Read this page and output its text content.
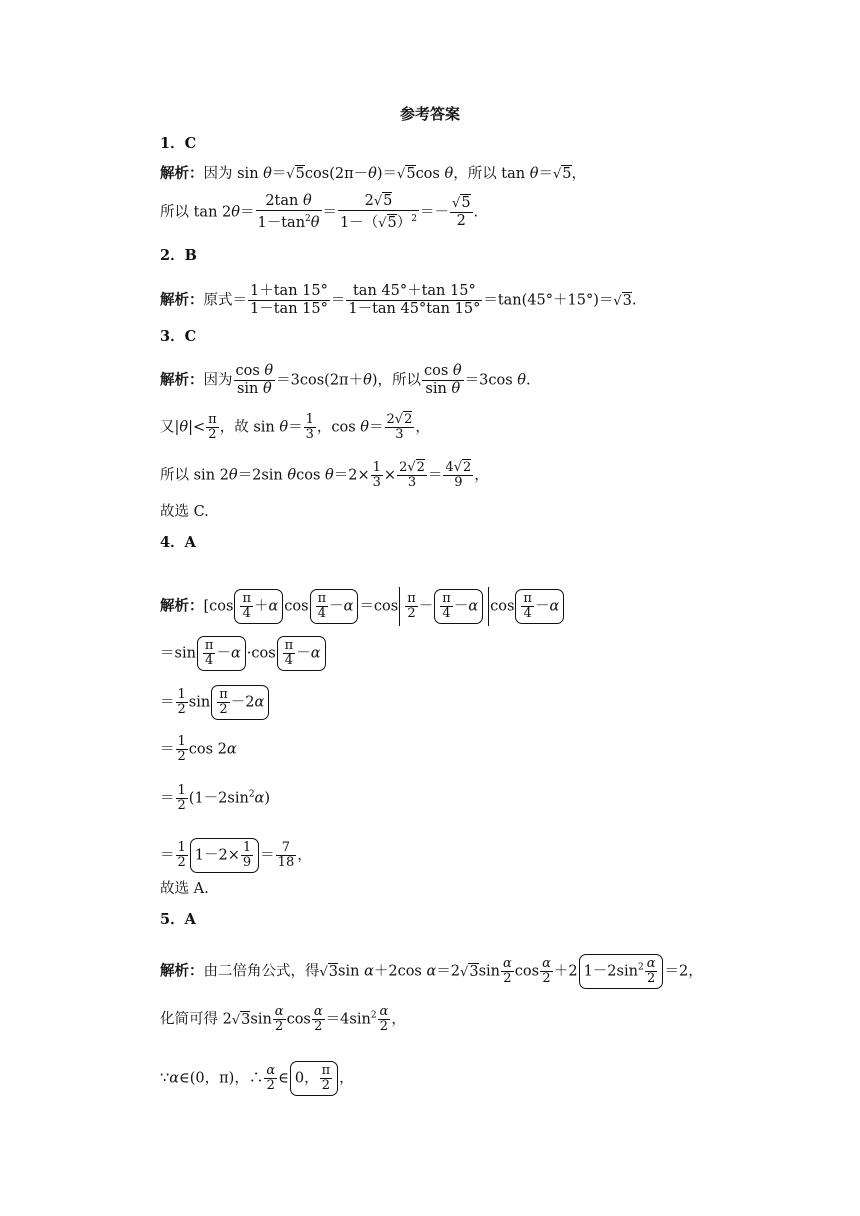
参考答案
1．C
解析：因为 sin θ＝√5cos(2π－θ)＝√5cos θ，所以 tan θ＝√5，
所以 $\tan 2\theta= \frac{\text{2tan θ}}{1-\tan^2\theta} = \frac{2√5}{1-(√5)^2} =- \frac{√5}{2}$ .
2．B
解析：原式＝ $\frac{1+\tan 15^\circ}{1-\tan 15^\circ} = \frac{\tan 45^\circ+\tan 15^\circ}{1-\tan 45^\circ\tan 15^\circ} =\tan(45^\circ+15^\circ)=√3$.
3．C
解析：因为 $\frac{\text{cos θ}}{\text{sin θ}} =3\cos(2\pi+\theta)$，所以 $\frac{\text{cos θ}}{\text{sin θ}} =3\cos$ θ.
又$|\theta|< \frac{\pi}{2}$ ，故 $\sin \theta= \frac{1}{3}$ ，$\cos \theta= \frac{2√2}{3}$ ，
所以 sin 2θ＝2sin θcos $\theta=2\times \frac{1}{3} \times \frac{2√2}{3} = \frac{4√2}{9}$ ，
故选 C.
4．A
解析：[$\cos \frac{\pi}{4} +\alpha$ $\cos \frac{\pi}{4} -\alpha =\cos \frac{\pi}{2} - \frac{\pi}{4} -\alpha$ $\cos \frac{\pi}{4} -\alpha$
$=\sin \frac{\pi}{4} -\alpha \cdot\cos \frac{\pi}{4} -\alpha$
＝ $\frac{1}{2}$ $\sin \frac{\pi}{2} -2\alpha$
＝ $\frac{1}{2}$ cos 2α
＝ $\frac{1}{2} (1-2\sin^2\alpha)$
＝ $\frac{1}{2} 1-2\times \frac{1}{9} = \frac{7}{18}$ ，
故选 A.
5．A
解析：由二倍角公式，得√3sin α＋2cos $\alpha=2√3\sin \frac{\alpha}{2}$ $\cos \frac{\alpha}{2} +2$ $1-2\sin^2 \frac{\alpha}{2} =2$，
化简可得 $2√3\sin \frac{\alpha}{2}$ $\cos \frac{\alpha}{2} =4\sin^2 \frac{\alpha}{2}$ ，
∵α∈(0，π)，∴ $\frac{\alpha}{2}$ ∈ 0， $\frac{\pi}{2}$ ，
